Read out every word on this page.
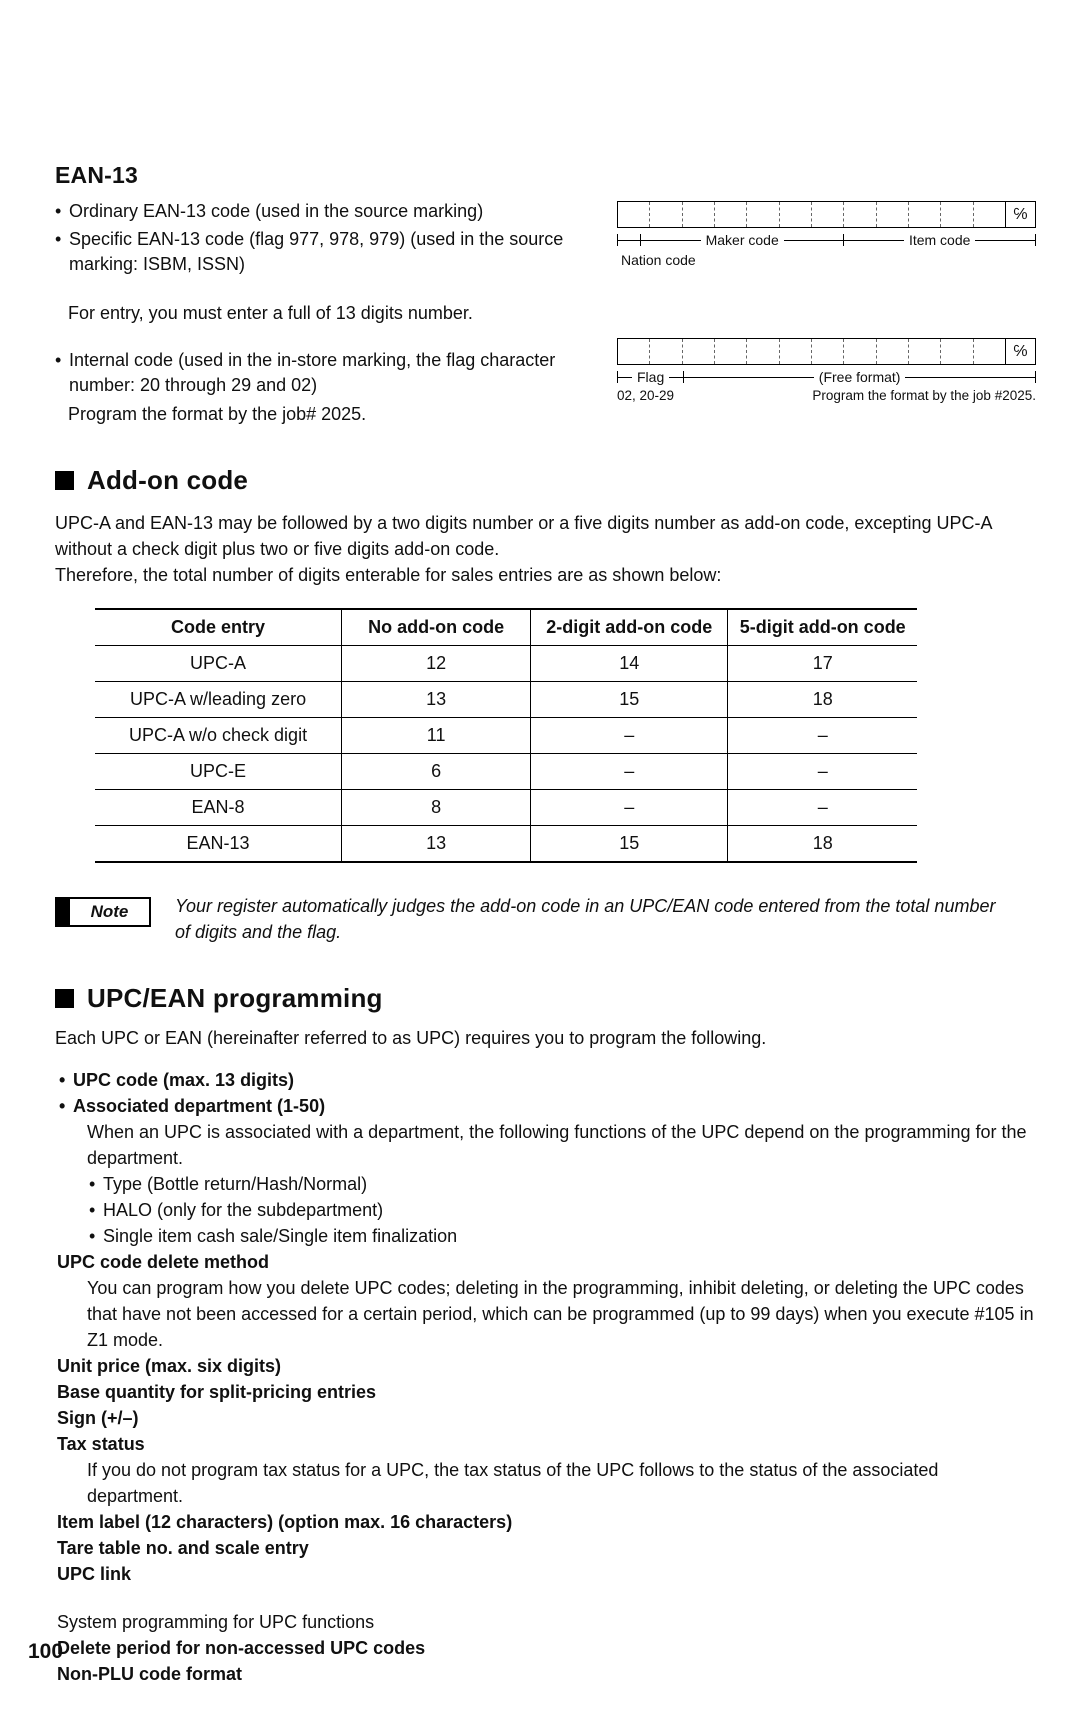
EAN-13
• Ordinary EAN-13 code (used in the source marking)
• Specific EAN-13 code (flag 977, 978, 979) (used in the source marking: ISBM, ISSN)
For entry, you must enter a full of 13 digits number.
• Internal code (used in the in-store marking, the flag character number: 20 through 29 and 02)
Program the format by the job# 2025.
℅
Maker code	Item code
Nation code
℅
Flag	(Free format)
02, 20-29	Program the format by the job #2025.
Add-on code
UPC-A and EAN-13 may be followed by a two digits number or a five digits number as add-on code, excepting UPC-A without a check digit plus two or five digits add-on code.
Therefore, the total number of digits enterable for sales entries are as shown below:
Code entry	No add-on code	2-digit add-on code	5-digit add-on code
UPC-A	12	14	17
UPC-A w/leading zero	13	15	18
UPC-A w/o check digit	11	–	–
UPC-E	6	–	–
EAN-8	8	–	–
EAN-13	13	15	18
Note	Your register automatically judges the add-on code in an UPC/EAN code entered from the total number of digits and the flag.
UPC/EAN programming
Each UPC or EAN (hereinafter referred to as UPC) requires you to program the following.
• UPC code (max. 13 digits)
• Associated department (1-50)
When an UPC is associated with a department, the following functions of the UPC depend on the programming for the department.
• Type (Bottle return/Hash/Normal)
• HALO (only for the subdepartment)
• Single item cash sale/Single item finalization
UPC code delete method
You can program how you delete UPC codes; deleting in the programming, inhibit deleting, or deleting the UPC codes that have not been accessed for a certain period, which can be programmed (up to 99 days) when you execute #105 in Z1 mode.
Unit price (max. six digits)
Base quantity for split-pricing entries
Sign (+/–)
Tax status
If you do not program tax status for a UPC, the tax status of the UPC follows to the status of the associated department.
Item label (12 characters) (option max. 16 characters)
Tare table no. and scale entry
UPC link
System programming for UPC functions
Delete period for non-accessed UPC codes
Non-PLU code format
100
